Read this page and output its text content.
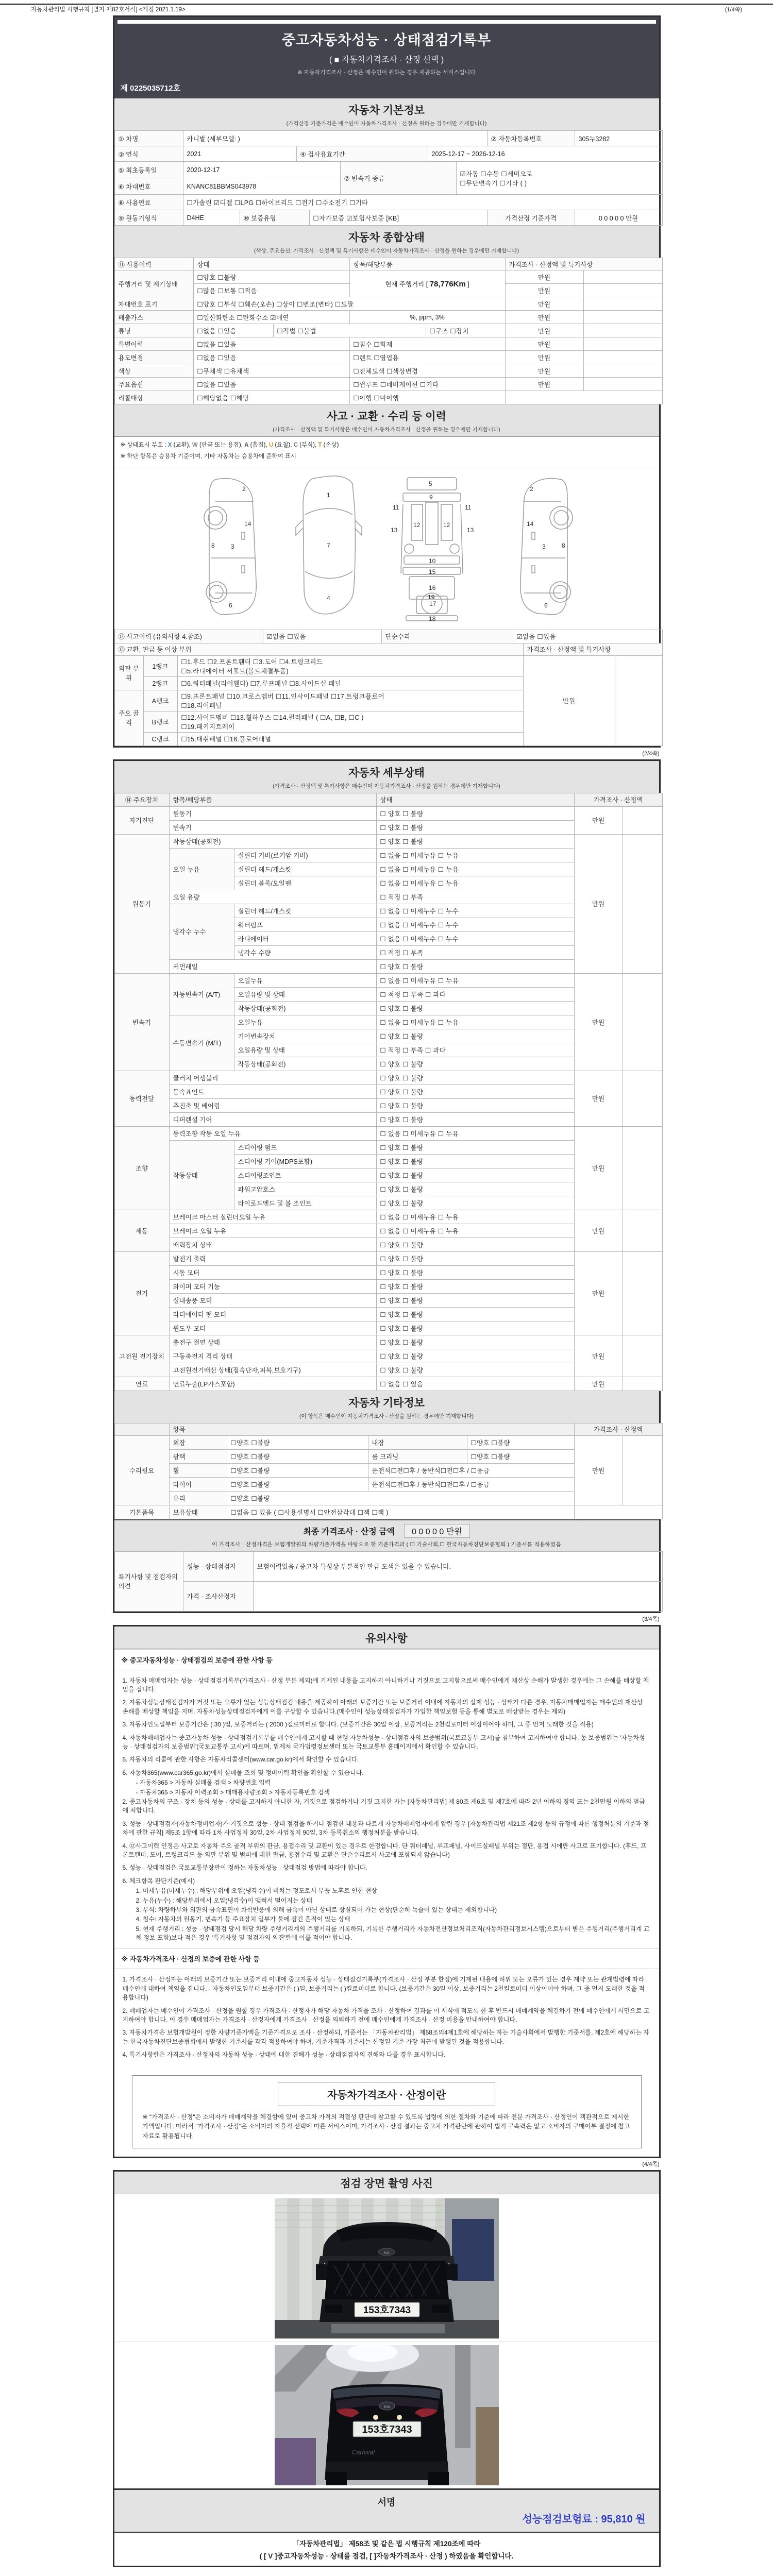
자동차관리법 시행규칙 [별지 제82호서식] <개정 2021.1.19>	(1/4쪽)
중고자동차성능 · 상태점검기록부
( ■ 자동차가격조사 · 산정 선택 )
※ 자동차가격조사 · 산정은 매수인이 원하는 경우 제공하는 서비스입니다
제 0225035712호
자동차 기본정보
(가격산정 기준가격은 매수인이 자동차가격조사 · 산정을 원하는 경우에만 기재합니다)
① 차명	카니발 (세부모델: )	② 자동차등록번호	305누3282
③ 연식	2021	④ 검사유효기간	2025-12-17 ~ 2026-12-16
⑤ 최초등록일	2020-12-17	⑦ 변속기 종류	☑자동 ☐수동 ☐세미오토
☐무단변속기 ☐기타 ( )

⑥ 차대번호	KNANC81BBMS043978		
⑧ 사용연료	☐가솔린 ☑디젤 ☐LPG ☐하이브리드 ☐전기 ☐수소전기 ☐기타
⑨ 원동기형식	D4HE	⑩ 보증유형	☐자가보증 ☑보험사보증 [KB]	가격산정 기준가격	0 0 0 0 0 만원
자동차 종합상태
(색상, 주요옵션, 가격조사 · 산정액 및 특기사항은 매수인이 자동차가격조사 · 산정을 원하는 경우에만 기재합니다)
⑪ 사용이력	상태		항목/해당부품		가격조사 · 산정액 및 특기사항	
주행거리 및 계기상태	☐양호 ☐불량		현재 주행거리 [ 78,776Km ]		만원	
	☐많음 ☐보통 ☐적음				만원	
차대번호 표기	☐양호 ☐부식 ☐훼손(오손) ☐상이 ☐변조(변타) ☐도말				만원	
배출가스	☐일산화탄소 ☐탄화수소 ☑매연		%, ppm, 3%		만원	
튜닝	☐없음 ☐있음	☐적법 ☐불법		☐구조 ☐장치	만원	
특별이력	☐없음 ☐있음		☐침수 ☐화재		만원	
용도변경	☐없음 ☐있음		☐렌트 ☐영업용		만원	
색상	☐무채색 ☐유채색		☐전체도색 ☐색상변경		만원	
주요옵션	☐없음 ☐있음		☐썬루프 ☐네비게이션 ☐기타		만원	
리콜대상	☐해당없음 ☐해당		☐이행 ☐미이행			
사고 · 교환 · 수리 등 이력
(가격조사 · 산정액 및 특기사항은 매수인이 자동차가격조사 · 산정을 원하는 경우에만 기재합니다)
※ 상태표시 부호 : X (교환), W (판금 또는 용접), A (흠집), U (요철), C (부식), T (손상)
※ 하단 항목은 승용차 기준이며, 기타 자동차는 승용차에 준하여 표시
2
8	3
14
6
1
7
4
5
9
11	11
13	13
12	12
10
15
16
19
17
18
2
8
3
14
6
⑫ 사고이력 (유의사항 4.참조)	☑없음 ☐있음	단순수리	☑없음 ☐있음
⑬ 교환, 판금 등 이상 부위	가격조사 · 산정액 및 특기사항
외판 부위	1랭크	☐1.후드 ☐2.프론트휀더 ☐3.도어 ☐4.트렁크리드
☐5.라디에이터 서포트(볼트체결부품)	만원	
	2랭크	☐6.쿼터패널(리어휀다) ☐7.루프패널 ☐8.사이드실 패널		
주요 골격	A랭크	☐9.프론트패널 ☐10.크로스멤버 ☐11.인사이드패널 ☐17.트렁크플로어
☐18.리어패널		

	B랭크	☐12.사이드멤버 ☐13.휠하우스 ☐14.필러패널 ( ☐A, ☐B, ☐C )
☐19.패키지트레이		

	C랭크	☐15.대쉬패널 ☐16.플로어패널		
(2/4쪽)
자동차 세부상태
(가격조사 · 산정액 및 특기사항은 매수인이 자동차가격조사 · 산정을 원하는 경우에만 기재합니다)
⑭ 주요장치	항목/해당부품		상태	가격조사 · 산정액	
자기진단	원동기		☐ 양호 ☐ 불량	만원	
	변속기		☐ 양호 ☐ 불량		
원동기	작동상태(공회전)		☐ 양호 ☐ 불량	만원	
	오일 누유	실린더 커버(로커암 커버)	☐ 없음 ☐ 미세누유 ☐ 누유		
		실린더 헤드/개스킷	☐ 없음 ☐ 미세누유 ☐ 누유		
		실린더 블록/오일팬	☐ 없음 ☐ 미세누유 ☐ 누유		
	오일 유량		☐ 적정 ☐ 부족		
	냉각수 누수	실린더 헤드/개스킷	☐ 없음 ☐ 미세누수 ☐ 누수		
		워터펌프	☐ 없음 ☐ 미세누수 ☐ 누수		
		라디에이터	☐ 없음 ☐ 미세누수 ☐ 누수		
		냉각수 수량	☐ 적정 ☐ 부족		
	커먼레일		☐ 양호 ☐ 불량		
변속기	자동변속기 (A/T)	오일누유	☐ 없음 ☐ 미세누유 ☐ 누유	만원	
		오일유량 및 상태	☐ 적정 ☐ 부족 ☐ 과다		
		작동상태(공회전)	☐ 양호 ☐ 불량		
	수동변속기 (M/T)	오일누유	☐ 없음 ☐ 미세누유 ☐ 누유		
		기어변속장치	☐ 양호 ☐ 불량		
		오일유량 및 상태	☐ 적정 ☐ 부족 ☐ 과다		
		작동상태(공회전)	☐ 양호 ☐ 불량		
동력전달	클러치 어셈블리		☐ 양호 ☐ 불량	만원	
	등속죠인트		☐ 양호 ☐ 불량		
	추진축 및 베어링		☐ 양호 ☐ 불량		
	디퍼렌셜 기어		☐ 양호 ☐ 불량		
조향	동력조향 작동 오일 누유		☐ 없음 ☐ 미세누유 ☐ 누유	만원	
	작동상태	스티어링 펌프	☐ 양호 ☐ 불량		
		스티어링 기어(MDPS포함)	☐ 양호 ☐ 불량		
		스티어링조인트	☐ 양호 ☐ 불량		
		파워고압호스	☐ 양호 ☐ 불량		
		타이로드엔드 및 볼 조인트	☐ 양호 ☐ 불량		
제동	브레이크 마스터 실린더오일 누유		☐ 없음 ☐ 미세누유 ☐ 누유	만원	
	브레이크 오일 누유		☐ 없음 ☐ 미세누유 ☐ 누유		
	배력장치 상태		☐ 양호 ☐ 불량		
전기	발전기 출력		☐ 양호 ☐ 불량	만원	
	시동 모터		☐ 양호 ☐ 불량		
	와이퍼 모터 기능		☐ 양호 ☐ 불량		
	실내송풍 모터		☐ 양호 ☐ 불량		
	라디에이터 팬 모터		☐ 양호 ☐ 불량		
	윈도우 모터		☐ 양호 ☐ 불량		
고전원 전기장치	충전구 절연 상태		☐ 양호 ☐ 불량	만원	
	구동축전지 격리 상태		☐ 양호 ☐ 불량		
	고전원전기배선 상태(접속단자,피복,보호기구)		☐ 양호 ☐ 불량		
연료	연료누출(LP가스포함)		☐ 없음 ☐ 있음	만원	
자동차 기타정보
(이 항목은 매수인이 자동차가격조사 · 산정을 원하는 경우에만 기재합니다)
	항목				가격조사 · 산정액	
수리필요	외장	☐양호 ☐불량	내장	☐양호 ☐불량	만원	
	광택	☐양호 ☐불량	룸 크리닝	☐양호 ☐불량		
	휠	☐양호 ☐불량	운전석☐전☐후 / 동반석☐전☐후 / ☐응급			
	타이어	☐양호 ☐불량	운전석☐전☐후 / 동반석☐전☐후 / ☐응급			
	유리	☐양호 ☐불량				
기본품목	보유상태	☐없음 ☐ 있음 ( ☐사용설명서 ☐안전삼각대 ☐잭 ☐잭 )				
최종 가격조사 · 산정 금액 0 0 0 0 0 만원
이 가격조사 · 산정가격은 보험개발원의 차량기준가액을 바탕으로 한 기준가격과 ( ☐ 기술사회,☐ 한국자동차진단보증협회 ) 기준서를 적용하였음
특기사항 및 점검자의 의견	성능 · 상태점검자	보험이력있음 / 중고차 특성상 부분적인 판금 도색은 있을 수 있습니다.
	가격 · 조사산정자	
(3/4쪽)
유의사항
※ 중고자동차성능 · 상태점검의 보증에 관한 사항 등

1. 자동차 매매업자는 성능 · 상태점검기록부(가격조사 · 산정 부분 제외)에 기재된 내용을 고지하지 아니하거나 거짓으로 고지함으로써 매수인에게 재산상 손해가 발생한 경우에는 그 손해를 배상할 책임을 집니다.

2. 자동차성능상태점검자가 거짓 또는 오류가 있는 성능상태점검 내용을 제공하여 아래의 보증기간 또는 보증거리 이내에 자동차의 실제 성능 · 상태가 다른 경우, 자동차매매업자는 매수인의 재산상 손해를 배상할 책임을 지며, 자동차성능상태점검자에게 이를 구상할 수 있습니다.(매수인이 성능상태점검자가 가입한 책임보험 등을 통해 별도로 배상받는 경우는 제외)

3. 자동차인도일부터 보증기간은 ( 30 )일, 보증거리는 ( 2000 )킬로미터로 합니다. (보증기간은 30일 이상, 보증거리는 2천킬로미터 이상이어야 하며, 그 중 먼저 도래한 것을 적용)

4. 자동차매매업자는 중고자동차 성능 · 상태점검기록부를 매수인에게 고지할 때 현행 자동차성능 · 상태점검자의 보증범위(국토교통부 고시)를 첨부하여 고지하여야 합니다. 동 보증범위는 '자동차성능 · 상태점검자의 보증범위'(국토교통부 고시)에 따르며, 법제처 국가법령정보센터 또는 국토교통부 홈페이지에서 확인할 수 있습니다.

5. 자동차의 리콜에 관한 사항은 자동차리콜센터(www.car.go.kr)에서 확인할 수 있습니다.

6. 자동차365(www.car365.go.kr)에서 실매물 조회 및 정비이력 확인을 확인할 수 있습니다.

- 자동차365 > 자동차 실매물 검색 > 차량번호 입력

- 자동차365 > 자동차 이력조회 > 매매용차량조회 > 자동차등록번호 검색

2. 중고자동차의 구조 · 장치 등의 성능 · 상태를 고지하지 아니한 자, 거짓으로 점검하거나 거짓 고지한 자는 [자동차관리법] 제 80조 제6호 및 제7호에 따라 2년 이하의 징역 또는 2천만원 이하의 벌금에 처합니다.

3. 성능 · 상태점검자(자동차정비업자)가 거짓으로 성능 · 상태 점검을 하거나 점검한 내용과 다르게 자동차매매업자에게 알린 경우 [자동차관리법 제21조 제2항 등의 규정에 따른 행정처분의 기준과 절차에 관한 규칙] 제5조 1항에 따라 1차 사업정지 30일, 2차 사업정지 90일, 3차 등록취소의 행정처분을 받습니다.

4. ⑫사고이력 인정은 사고로 자동차 주요 골격 부위의 판금, 용접수리 및 교환이 있는 경우로 한정합니다. 단 쿼터패널, 루프패널, 사이드실패널 부위는 절단, 용접 시에만 사고로 표기합니다. (후드, 프론트펜더, 도어, 트렁크리드 등 외판 부위 및 범퍼에 대한 판금, 용접수리 및 교환은 단순수리로서 사고에 포함되지 않습니다)

5. 성능 · 상태점검은 국토교통부장관이 정하는 자동차성능 · 상태점검 방법에 따라야 합니다.

6. 체크항목 판단기준(예시)

1. 미세누유(미세누수) : 해당부위에 오일(냉각수)이 비치는 정도로서 부품 노후로 인한 현상

2. 누유(누수) : 해당부위에서 오일(냉각수)이 맺혀서 떨어지는 상태

3. 부식: 차량하부와 외판의 금속표면이 화학반응에 의해 금속이 아닌 상태로 상실되어 가는 현상(단순히 녹슬어 있는 상태는 제외합니다)

4. 침수: 자동차의 원동기, 변속기 등 주요장치 일부가 물에 잠긴 흔적이 있는 상태

5. 현재 주행거리 : 성능 · 상태점검 당시 해당 차량 주행거리계의 주행거리를 기록하되, 기록한 주행거리가 자동차전산정보처리조직(자동차관리정보시스템)으로부터 받은 주행거리(주행거리계 교체 정보 포함)보다 적은 경우 '특기사항 및 점검자의 의견'란에 이를 적어야 합니다.

※ 자동차가격조사 · 산정의 보증에 관한 사항 등

1. 가격조사 · 산정자는 아래의 보증기간 또는 보증거리 이내에 중고자동차 성능 · 상태점검기록부(가격조사 · 산정 부분 한정)에 기재된 내용에 허위 또는 오류가 있는 경우 계약 또는 관계법령에 따라 매수인에 대하여 책임을 집니다. · 자동차인도일부터 보증기간은 ( )일, 보증거리는 ( )킬로미터로 합니다. (보증기간은 30일 이상, 보증거리는 2천킬로미터 이상이어야 하며, 그 중 먼저 도래한 것을 적용합니다)

2. 매매업자는 매수인이 가격조사 · 산정을 원할 경우 가격조사 · 산정자가 해당 자동차 가격을 조사 · 산정하여 결과를 이 서식에 적도록 한 후 반드시 매매계약을 체결하기 전에 매수인에게 서면으로 고지하여야 합니다. 이 경우 매매업자는 가격조사 · 산정자에게 가격조사 · 산정을 의뢰하기 전에 매수인에게 가격조사 · 산정 비용을 안내하여야 합니다.

3. 자동차가격은 보험개발원이 정한 차량기준가액을 기준가격으로 조사 · 산정하되, 기준서는 「자동차관리법」 제58조의4제1호에 해당하는 자는 기술사회에서 발행한 기준서를, 제2호에 해당하는 자는 한국자동차진단보증협회에서 발행한 기준서를 각각 적용하여야 하며, 기준가격과 기준서는 산정일 기준 가장 최근에 발행된 것을 적용합니다.

4. 특기사항란은 가격조사 · 산정자의 자동차 성능 · 상태에 대한 견해가 성능 · 상태점검자의 견해와 다를 경우 표시합니다.

자동차가격조사 · 산정이란
※ "가격조사 · 산정"은 소비자가 매매계약을 체결함에 있어 중고차 가격의 적절성 판단에 참고할 수 있도록 법령에 의한 절차와 기준에 따라 전문 가격조사 · 산정인이 객관적으로 제시한 가액입니다. 따라서 "가격조사 · 산정"은 소비자의 자율적 선택에 따른 서비스이며, 가격조사 · 산정 결과는 중고차 가격판단에 관하여 법적 구속력은 없고 소비자의 구매여부 결정에 참고자료로 활용됩니다.
(4/4쪽)
점검 장면 촬영 사진
KIA
153호7343
KIA
153호7343
Carnival
서명
성능점검보험료 : 95,810 원
「자동차관리법」 제58조 및 같은 법 시행규칙 제120조에 따라
( [ V ]중고자동차성능 · 상태를 점검, [ ]자동차가격조사 · 산정 ) 하였음을 확인합니다.
